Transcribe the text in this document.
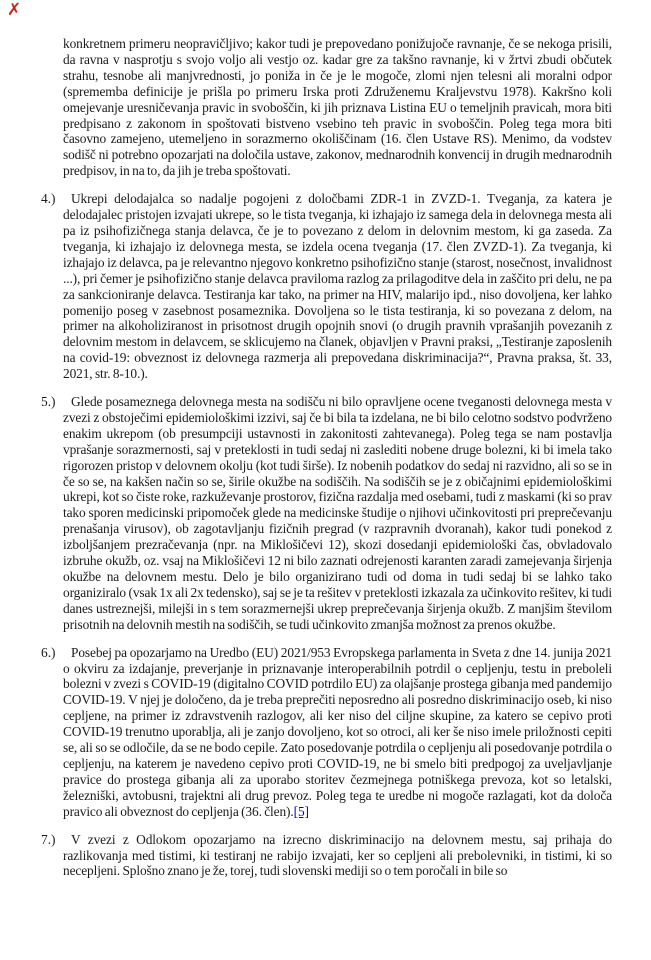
✗

konkretnem primeru neopravičljivo; kakor tudi je prepovedano ponižujoče ravnanje, če se nekoga prisili, da ravna v nasprotju s svojo voljo ali vestjo oz. kadar gre za takšno ravnanje, ki v žrtvi zbudi občutek strahu, tesnobe ali manjvrednosti, jo poniža in če je le mogoče, zlomi njen telesni ali moralni odpor (sprememba definicije je prišla po primeru Irska proti Združenemu Kraljevstvu 1978). Kakršno koli omejevanje uresničevanja pravic in svoboščin, ki jih priznava Listina EU o temeljnih pravicah, mora biti predpisano z zakonom in spoštovati bistveno vsebino teh pravic in svoboščin. Poleg tega mora biti časovno zamejeno, utemeljeno in sorazmerno okoliščinam (16. člen Ustave RS). Menimo, da vodstev sodišč ni potrebno opozarjati na določila ustave, zakonov, mednarodnih konvencij in drugih mednarodnih predpisov, in na to, da jih je treba spoštovati.

4.) Ukrepi delodajalca so nadalje pogojeni z določbami ZDR-1 in ZVZD-1. Tveganja, za katera je delodajalec pristojen izvajati ukrepe, so le tista tveganja, ki izhajajo iz samega dela in delovnega mesta ali pa iz psihofizičnega stanja delavca, če je to povezano z delom in delovnim mestom, ki ga zaseda. Za tveganja, ki izhajajo iz delovnega mesta, se izdela ocena tveganja (17. člen ZVZD-1). Za tveganja, ki izhajajo iz delavca, pa je relevantno njegovo konkretno psihofizično stanje (starost, nosečnost, invalidnost ...), pri čemer je psihofizično stanje delavca praviloma razlog za prilagoditve dela in zaščito pri delu, ne pa za sankcioniranje delavca. Testiranja kar tako, na primer na HIV, malarijo ipd., niso dovoljena, ker lahko pomenijo poseg v zasebnost posameznika. Dovoljena so le tista testiranja, ki so povezana z delom, na primer na alkoholiziranost in prisotnost drugih opojnih snovi (o drugih pravnih vprašanjih povezanih z delovnim mestom in delavcem, se sklicujemo na članek, objavljen v Pravni praksi, „Testiranje zaposlenih na covid-19: obveznost iz delovnega razmerja ali prepovedana diskriminacija?“, Pravna praksa, št. 33, 2021, str. 8-10.).

5.) Glede posameznega delovnega mesta na sodišču ni bilo opravljene ocene tveganosti delovnega mesta v zvezi z obstoječimi epidemiološkimi izzivi, saj če bi bila ta izdelana, ne bi bilo celotno sodstvo podvrženo enakim ukrepom (ob presumpciji ustavnosti in zakonitosti zahtevanega). Poleg tega se nam postavlja vprašanje sorazmernosti, saj v preteklosti in tudi sedaj ni zaslediti nobene druge bolezni, ki bi imela tako rigorozen pristop v delovnem okolju (kot tudi širše). Iz nobenih podatkov do sedaj ni razvidno, ali so se in če so se, na kakšen način so se, širile okužbe na sodiščih. Na sodiščih se je z običajnimi epidemiološkimi ukrepi, kot so čiste roke, razkuževanje prostorov, fizična razdalja med osebami, tudi z maskami (ki so prav tako sporen medicinski pripomoček glede na medicinske študije o njihovi učinkovitosti pri preprečevanju prenašanja virusov), ob zagotavljanju fizičnih pregrad (v razpravnih dvoranah), kakor tudi ponekod z izboljšanjem prezračevanja (npr. na Miklošičevi 12), skozi dosedanji epidemiološki čas, obvladovalo izbruhe okužb, oz. vsaj na Miklošičevi 12 ni bilo zaznati odrejenosti karanten zaradi zamejevanja širjenja okužbe na delovnem mestu. Delo je bilo organizirano tudi od doma in tudi sedaj bi se lahko tako organiziralo (vsak 1x ali 2x tedensko), saj se je ta rešitev v preteklosti izkazala za učinkovito rešitev, ki tudi danes ustreznejši, milejši in s tem sorazmernejši ukrep preprečevanja širjenja okužb. Z manjšim številom prisotnih na delovnih mestih na sodiščih, se tudi učinkovito zmanjša možnost za prenos okužbe.

6.) Posebej pa opozarjamo na Uredbo (EU) 2021/953 Evropskega parlamenta in Sveta z dne 14. junija 2021 o okviru za izdajanje, preverjanje in priznavanje interoperabilnih potrdil o cepljenju, testu in preboleli bolezni v zvezi s COVID-19 (digitalno COVID potrdilo EU) za olajšanje prostega gibanja med pandemijo COVID-19. V njej je določeno, da je treba preprečiti neposredno ali posredno diskriminacijo oseb, ki niso cepljene, na primer iz zdravstvenih razlogov, ali ker niso del ciljne skupine, za katero se cepivo proti COVID-19 trenutno uporablja, ali je zanjo dovoljeno, kot so otroci, ali ker še niso imele priložnosti cepiti se, ali so se odločile, da se ne bodo cepile. Zato posedovanje potrdila o cepljenju ali posedovanje potrdila o cepljenju, na katerem je navedeno cepivo proti COVID-19, ne bi smelo biti predpogoj za uveljavljanje pravice do prostega gibanja ali za uporabo storitev čezmejnega potniškega prevoza, kot so letalski, železniški, avtobusni, trajektni ali drug prevoz. Poleg tega te uredbe ni mogoče razlagati, kot da določa pravico ali obveznost do cepljenja (36. člen).[5]

7.) V zvezi z Odlokom opozarjamo na izrecno diskriminacijo na delovnem mestu, saj prihaja do razlikovanja med tistimi, ki testiranj ne rabijo izvajati, ker so cepljeni ali prebolevniki, in tistimi, ki so necepljeni. Splošno znano je že, torej, tudi slovenski mediji so o tem poročali in bile so
